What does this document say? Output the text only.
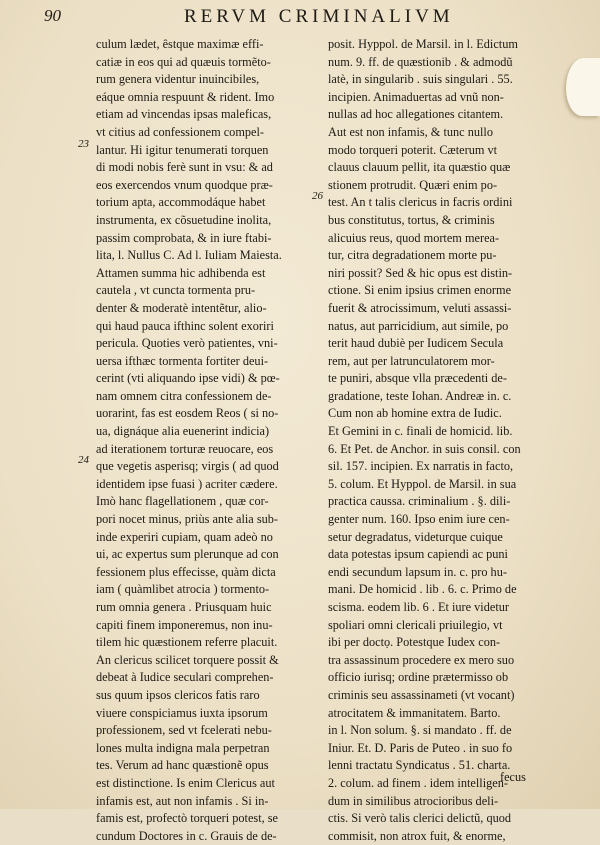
90	RERVM CRIMINALIVM
culum lædet, êstque maximæ effi-
catiæ in eos qui ad quæuis tormẽto-
rum genera videntur inuincibiles,
eáque omnia respuunt & rident. Imo
etiam ad vincendas ipsas maleficas,
vt citius ad confessionem compel-
lantur. Hi igitur tenumerati torquen
di modi nobis ferè sunt in vsu: & ad
eos exercendos vnum quodque præ-
torium apta, accommodáque habet
instrumenta, ex cõsuetudine inolita,
passim comprobata, & in iure ftabi-
lita, l. Nullus C. Ad l. Iuliam Maiesta.
Attamen summa hic adhibenda est
cautela , vt cuncta tormenta pru-
denter & moderatè intentẽtur, alio-
qui haud pauca ifthinc solent exoriri
pericula. Quoties verò patientes, vni-
uersa ifthæc tormenta fortiter deui-
cerint (vti aliquando ipse vidi) & pœ-
nam omnem citra confessionem de-
uorarint, fas est eosdem Reos ( si no-
ua, dignáque alia euenerint indicia)
ad iterationem torturæ reuocare, eos
que vegetis asperisq; virgis ( ad quod
identidem ipse fuasi ) acriter cædere.
Imò hanc flagellationem , quæ cor-
pori nocet minus, priùs ante alia sub-
inde experiri cupiam, quam adeò no
ui, ac expertus sum plerunque ad con
fessionem plus effecisse, quàm dicta
iam ( quàmlibet atrocia ) tormento-
rum omnia genera . Priusquam huic
capiti finem imponeremus, non inu-
tilem hic quæstionem referre placuit.
An clericus scilicet torquere possit &
debeat à Iudice seculari comprehen-
sus quum ipsos clericos fatis raro
viuere conspiciamus iuxta ipsorum
professionem, sed vt fcelerati nebu-
lones multa indigna mala perpetran
tes. Verum ad hanc quæstionẽ opus
est distinctione. Is enim Clericus aut
infamis est, aut non infamis . Si in-
famis est, profectò torqueri potest, se
cundum Doctores in c. Grauis de de-
posit. Hyppol. de Marsil. in l. Edictum
num. 9. ff. de quæstionib . & admodũ
latè, in singularib . suis singulari . 55.
incipien. Animaduertas ad vnũ non-
nullas ad hoc allegationes citantem.
Aut est non infamis, & tunc nullo
modo torqueri poterit. Cæterum vt
clauus clauum pellit, ita quæstio quæ
stionem protrudit. Quæri enim po-
test. An t talis clericus in facris ordini
bus constitutus, tortus, & criminis
alicuius reus, quod mortem merea-
tur, citra degradationem morte pu-
niri possit? Sed & hic opus est distin-
ctione. Si enim ipsius crimen enorme
fuerit & atrocissimum, veluti assassi-
natus, aut parricidium, aut simile, po
terit haud dubiè per Iudicem Secula
rem, aut per latrunculatorem mor-
te puniri, absque vlla præcedenti de-
gradatione, teste Iohan. Andreæ in. c.
Cum non ab homine extra de Iudic.
Et Gemini in c. finali de homicid. lib.
6. Et Pet. de Anchor. in suis consil. con
sil. 157. incipien. Ex narratis in facto,
5. colum. Et Hyppol. de Marsil. in sua
practica caussa. criminalium . §. dili-
genter num. 160. Ipso enim iure cen-
setur degradatus, videturque cuique
data potestas ipsum capiendi ac puni
endi secundum lapsum in. c. pro hu-
mani. De homicid . lib . 6. c. Primo de
scisma. eodem lib. 6 . Et iure videtur
spoliari omni clericali priuilegio, vt
ibi per doctọ. Potestque Iudex con-
tra assassinum procedere ex mero suo
officio iurisq; ordine prætermisso ob
criminis seu assassinameti (vt vocant)
atrocitatem & immanitatem. Barto.
in l. Non solum. §. si mandato . ff. de
Iniur. Et. D. Paris de Puteo . in suo fo
lenni tractatu Syndicatus . 51. charta.
2. colum. ad finem . idem intelligen-
dum in similibus atrocioribus deli-
ctis. Si verò talis clerici delictũ, quod
commisit, non atrox fuit, & enorme,
23
26
24
fecus
